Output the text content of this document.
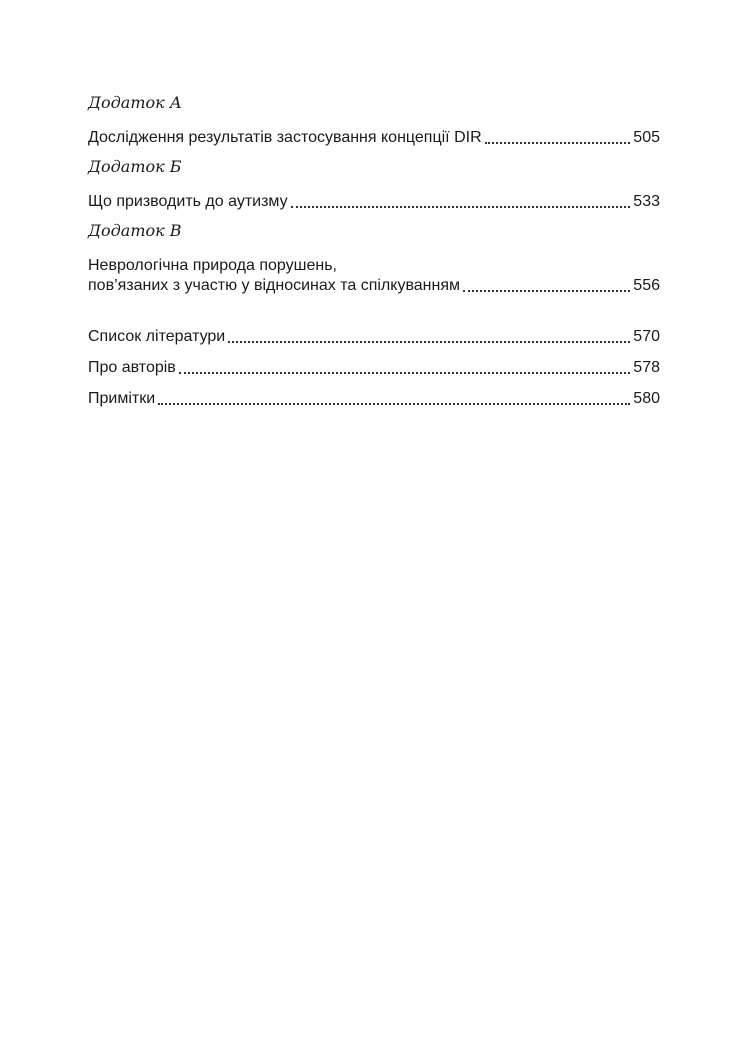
Додаток А

Дослідження результатів застосування концепції DIR	505

Додаток Б

Що призводить до аутизму	533

Додаток В

Неврологічна природа порушень,
пов’язаних з участю у відносинах та спілкуванням	556
Список літератури	570
Про авторів	578
Примітки	580
